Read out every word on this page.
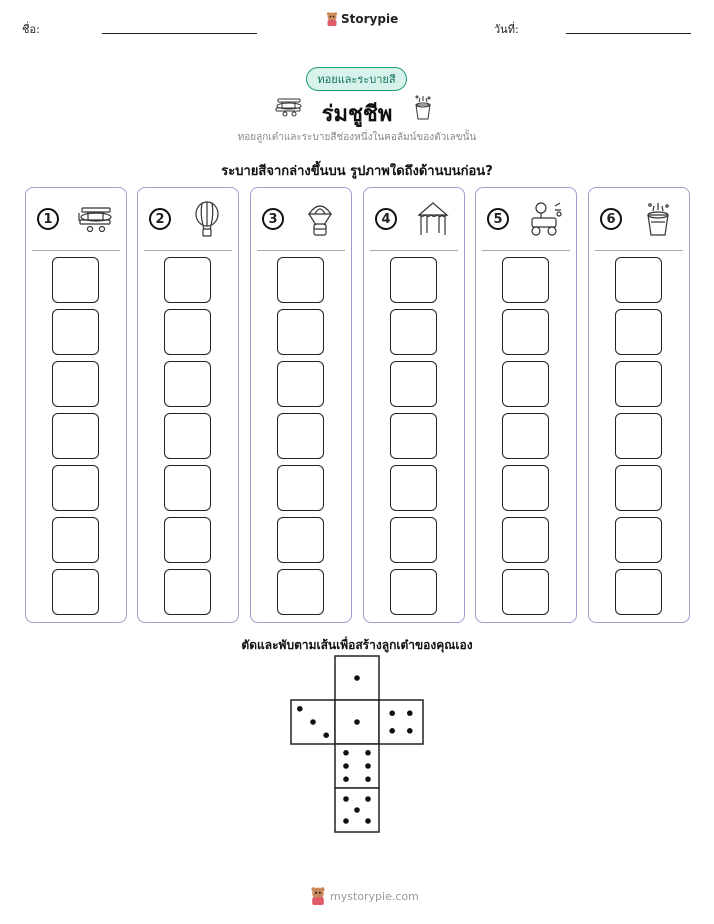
ชื่อ:
Storypie
วันที่:
ทอยและระบายสี
ร่มชูชีพ
ทอยลูกเต๋าและระบายสีช่องหนึ่งในคอลัมน์ของตัวเลขนั้น
ระบายสีจากล่างขึ้นบน รูปภาพใดถึงด้านบนก่อน?
1	2	3	4	5	6
ตัดและพับตามเส้นเพื่อสร้างลูกเต๋าของคุณเอง
mystorypie.com
